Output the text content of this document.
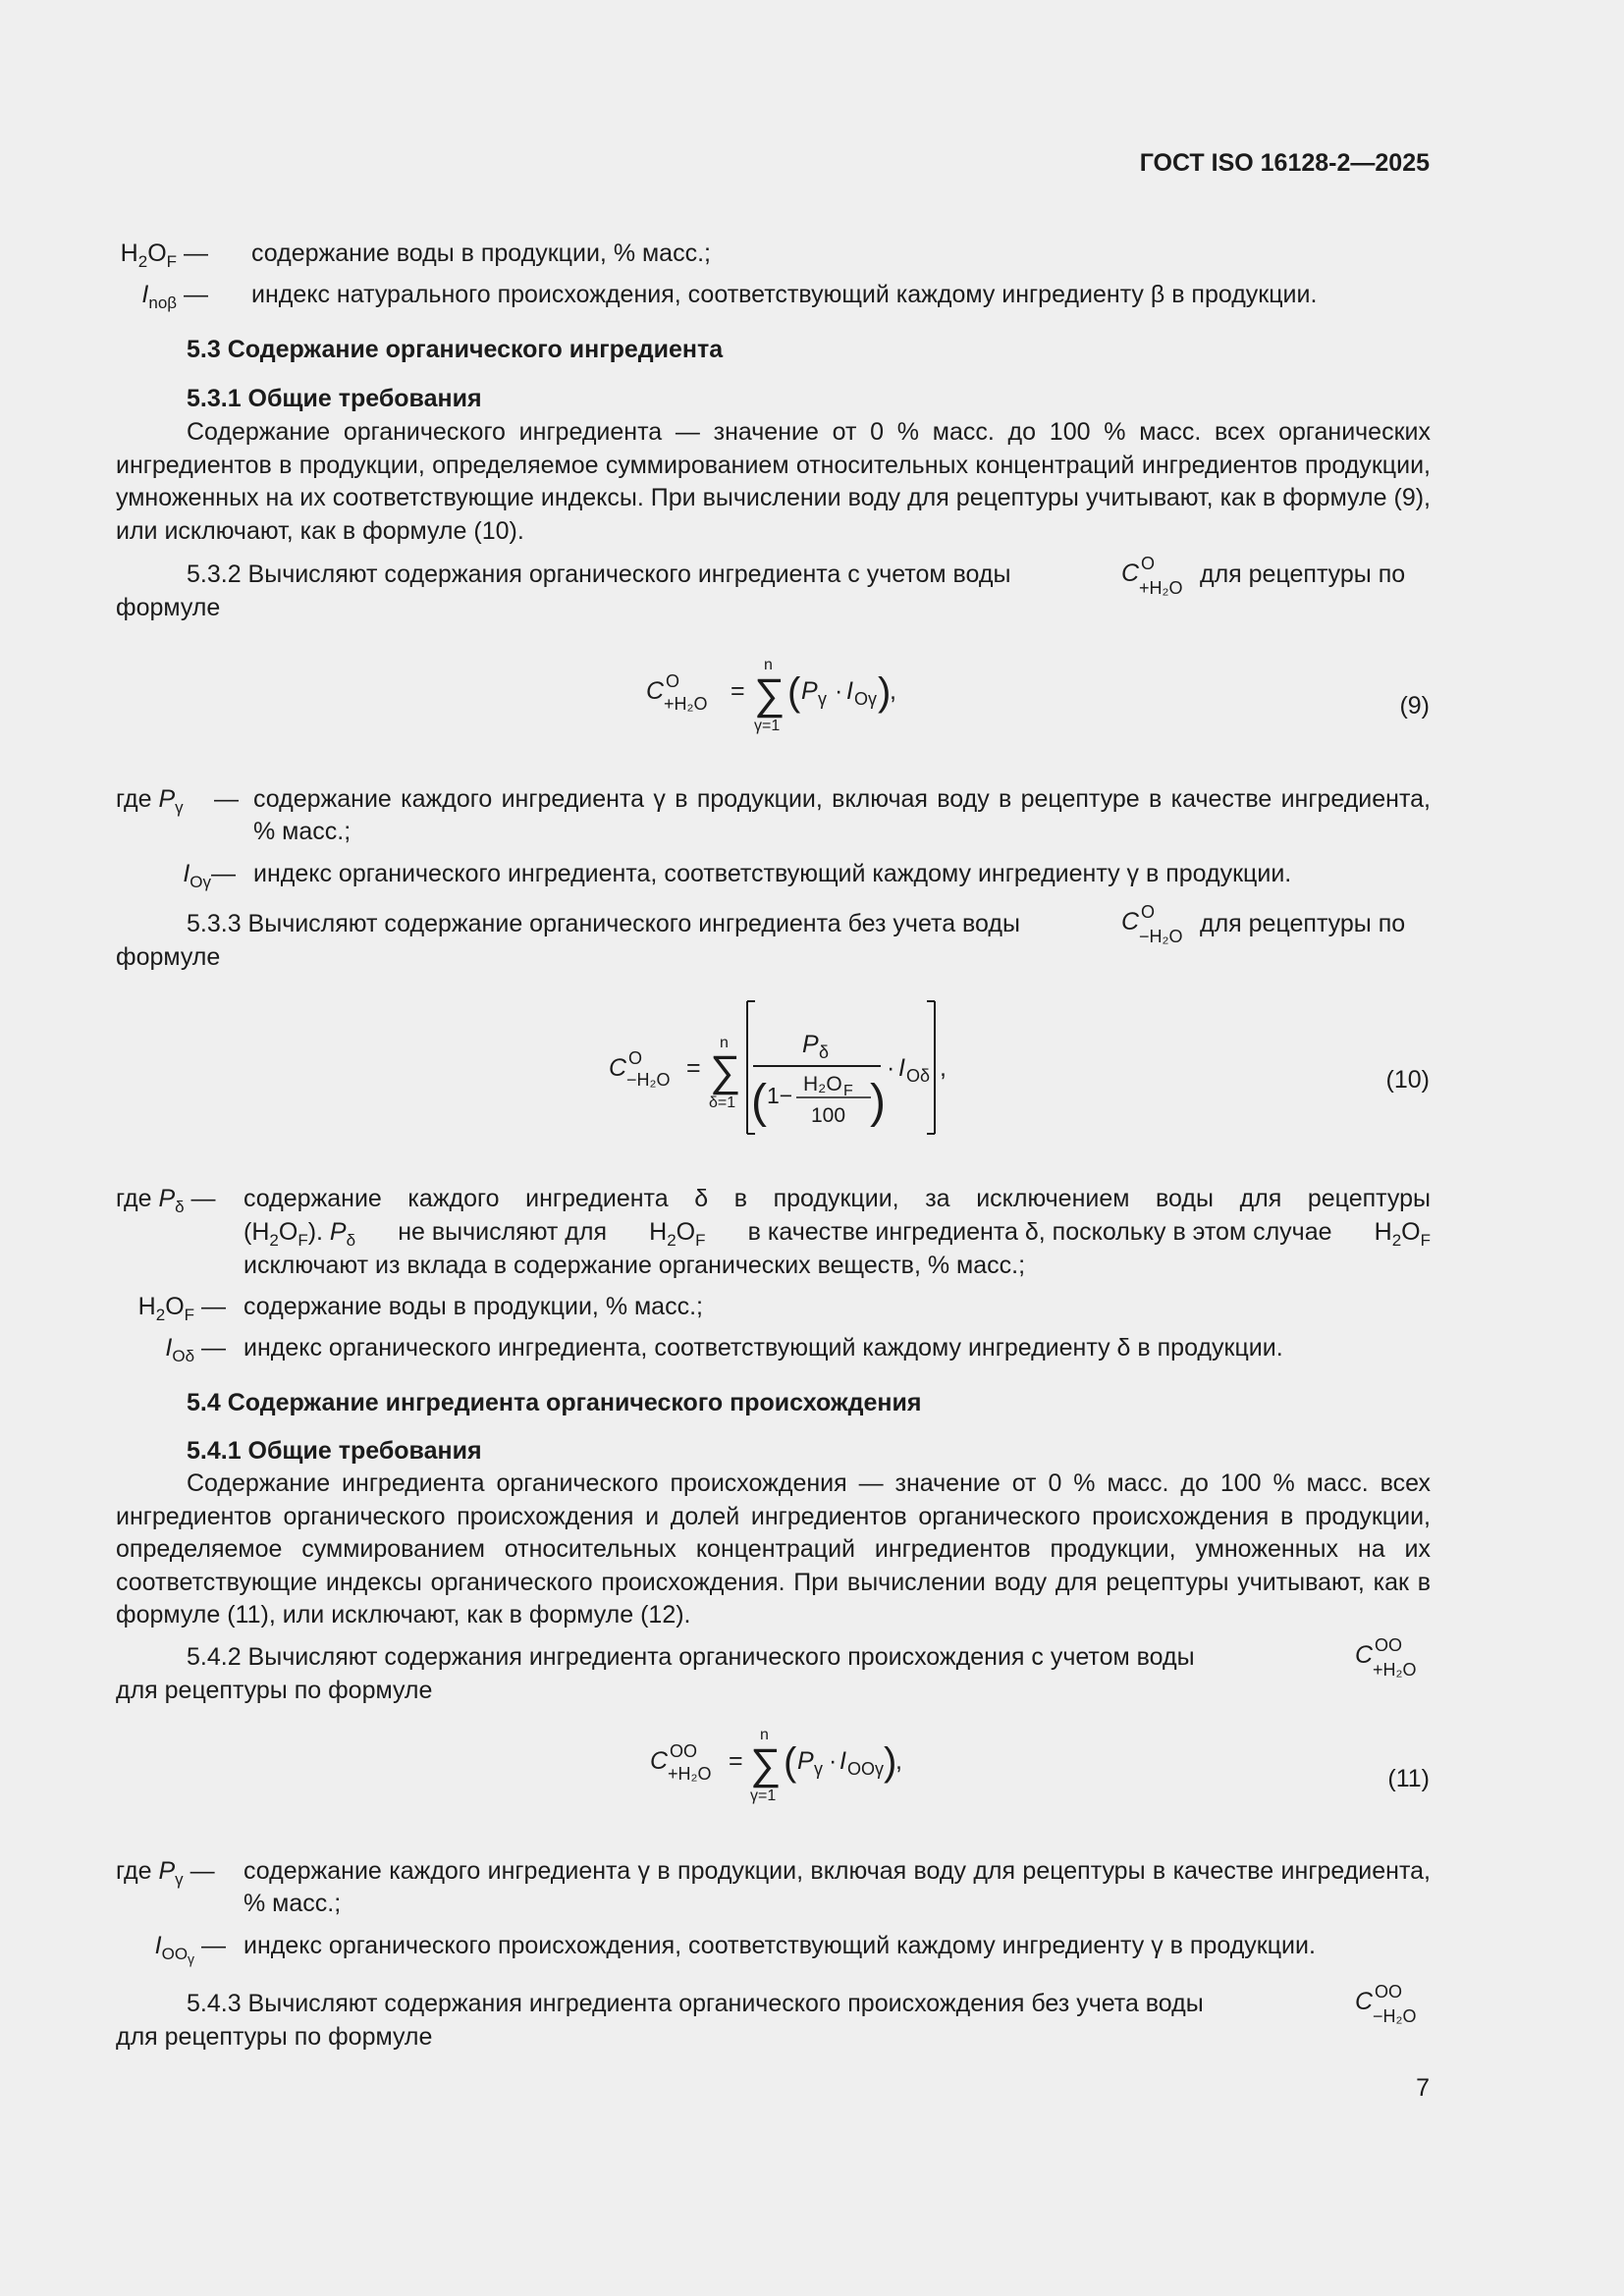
ГОСТ ISO 16128-2—2025
$H_2O_F$ — содержание воды в продукции, % масс.;
$I_{no\beta}$ — индекс натурального происхождения, соответствующий каждому ингредиенту β в продукции.
5.3 Содержание органического ингредиента
5.3.1 Общие требования
Содержание органического ингредиента — значение от 0 % масс. до 100 % масс. всех органических ингредиентов в продукции, определяемое суммированием относительных концентраций ингредиентов продукции, умноженных на их соответствующие индексы. При вычислении воду для рецептуры учитывают, как в формуле (9), или исключают, как в формуле (10).
5.3.2 Вычисляют содержания органического ингредиента с учетом воды	C O
+H₂O для рецептуры по
формуле
C O
+H₂O = ∑
n
γ=1
( P γ · I Oγ )
,
(9)
где $P_\gamma$ — содержание каждого ингредиента γ в продукции, включая воду в рецептуре в качестве ингредиента, % масс.;
$I_{O\gamma}—$ индекс органического ингредиента, соответствующий каждому ингредиенту γ в продукции.
5.3.3 Вычисляют содержание органического ингредиента без учета воды	C O
−H₂O для рецептуры по
формуле
C O
−H₂O = ∑
n
δ=1
P δ
( 1− H₂O F
100 )
· I Oδ ,	(10)
где $P_\delta$ — содержание каждого ингредиента δ в продукции, за исключением воды для рецептуры
$(H_2O_F)$. $P_\delta$ не вычисляют для $H_2O_F$ в качестве ингредиента δ, поскольку в этом случае $H_2O_F$
исключают из вклада в содержание органических веществ, % масс.;
$H_2O_F$ — содержание воды в продукции, % масс.;
$I_{O\delta}$ — индекс органического ингредиента, соответствующий каждому ингредиенту δ в продукции.
5.4 Содержание ингредиента органического происхождения
5.4.1 Общие требования
Содержание ингредиента органического происхождения — значение от 0 % масс. до 100 % масс. всех ингредиентов органического происхождения и долей ингредиентов органического происхождения в продукции, определяемое суммированием относительных концентраций ингредиентов продукции, умноженных на их соответствующие индексы органического происхождения. При вычислении воду для рецептуры учитывают, как в формуле (11), или исключают, как в формуле (12).
5.4.2 Вычисляют содержания ингредиента органического происхождения с учетом воды	C OO
+H₂O
для рецептуры по формуле
C OO
+H₂O = ∑
n
γ=1
( P γ · I OOγ )
,
(11)
где $P_\gamma$ — содержание каждого ингредиента γ в продукции, включая воду для рецептуры в качестве ингредиента, % масс.;
$I_{OO_\gamma}$ — индекс органического происхождения, соответствующий каждому ингредиенту γ в продукции.
5.4.3 Вычисляют содержания ингредиента органического происхождения без учета воды	C OO
−H₂O
для рецептуры по формуле
7
